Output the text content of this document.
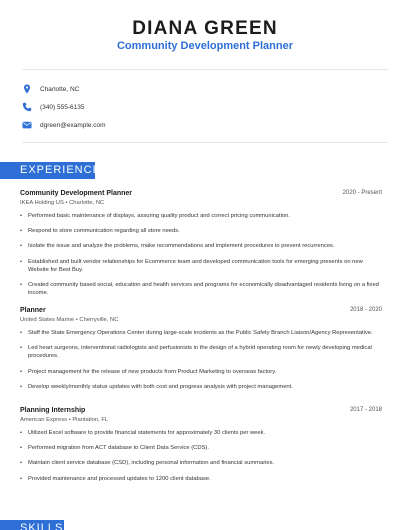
DIANA GREEN
Community Development Planner
Charlotte, NC
(340) 555-6135
dgreen@example.com
EXPERIENCE
Community Development Planner	2020 - Present
IKEA Holding US • Charlotte, NC
• Performed basic maintenance of displays, assuring quality product and correct pricing communication.
• Respond to store communication regarding all store needs.
• Isolate the issue and analyze the problems, make recommendations and implement procedures to prevent recurrences.
• Established and built vendor relationships for Ecommerce team and developed communication tools for emerging presents on new Website for Best Buy.
• Created community based social, education and health services and programs for economically disadvantaged residents living on a fixed income.
Planner	2018 - 2020
United States Marine • Cherryville, NC
• Staff the State Emergency Operations Center during large-scale incidents as the Public Safety Branch Liaison/Agency Representative.
• Led heart surgeons, interventional radiologists and perfusionists in the design of a hybrid operating room for newly developing medical procedures.
• Project management for the release of new products from Product Marketing to overseas factory.
• Develop weekly/monthly status updates with both cost and progress analysis with project management.
Planning Internship	2017 - 2018
American Express • Plantation, FL
• Utilized Excel software to provide financial statements for approximately 30 clients per week.
• Performed migration from ACT database to Client Data Service (CDS).
• Maintain client service database (CSD), including personal information and financial summaries.
• Provided maintenance and processed updates to 1200 client database.
SKILLS
